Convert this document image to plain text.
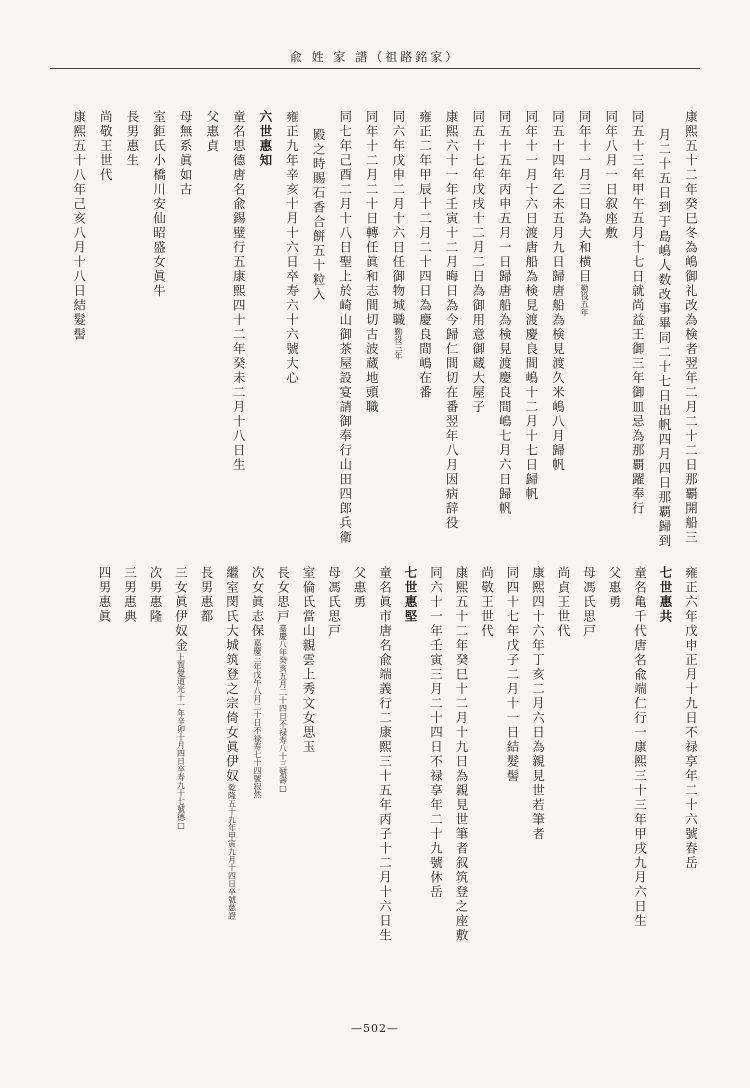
兪 姓 家 譜（祖路銘家）
康熙五十二年癸巳冬為嶋御礼改為検者翌年二月二十二日那覇開船三
月二十五日到于島嶋人数改事畢同二十七日出帆四月四日那覇歸到
同五十三年甲午五月十七日就尚益王御三年御皿忌為那覇躍奉行
同年八月一日叙座敷
同年十一月三日為大和横目勤役五年
同五十四年乙未五月九日歸唐船為検見渡久米嶋八月歸帆
同年十一月十六日渡唐船為検見渡慶良間嶋十二月十七日歸帆
同五十五年丙申五月一日歸唐船為検見渡慶良間嶋七月六日歸帆
同五十七年戊戌十二月二日為御用意御蔵大屋子
康熙六十一年壬寅十二月晦日為今歸仁間切在番翌年八月因病辞役
雍正二年甲辰十二月二十四日為慶良間嶋在番
同六年戊申二月十六日任御物城職勤役三年
同年十二月二十日轉任眞和志間切古波蔵地頭職
同七年己酉二月十八日聖上於崎山御茶屋設宴請御奉行山田四郎兵衛
殿之時賜石香合餅五十粒入
雍正九年辛亥十月十六日卒寿六十六號大心
六世惠知
童名思德唐名兪錫璧行五康熙四十二年癸未二月十八日生
父惠貞
母無系眞如古
室鉅氏小橋川安仙昭盛女眞牛
長男惠生
尚敬王世代
康熙五十八年己亥八月十八日結髮髻
雍正六年戊申正月十九日不禄享年二十六號春岳
七世惠共
童名亀千代唐名兪端仁行一康熙三十三年甲戌九月六日生
父惠勇
母馮氏思戸
尚貞王世代
康熙四十六年丁亥二月六日為親見世若筆者
同四十七年戊子二月十一日結髮髻
尚敬王世代
康熙五十二年癸巳十二月十九日為親見世筆者叙筑登之座敷
同六十一年壬寅三月二十四日不禄享年二十九號休岳
七世惠堅
童名眞市唐名兪端義行二康熙三十五年丙子十二月十六日生
父惠勇
母馮氏思戸
室倫氏當山親雲上秀文女思玉
長女思戸嘉慶八年癸亥五月二十四日不禄寿八十三號壽□
次女眞志保嘉慶三年戊午八月二十日不禄寿七十四號寂然
繼室閔氏大城筑登之宗倚女眞伊奴乾隆五十九年甲寅九月十四日卒號慈證
長男惠都
三女眞伊奴金上賀覺道光十一年辛卯十月四日卒寿九十七號德□
次男惠隆
三男惠典
四男惠眞
—502—
